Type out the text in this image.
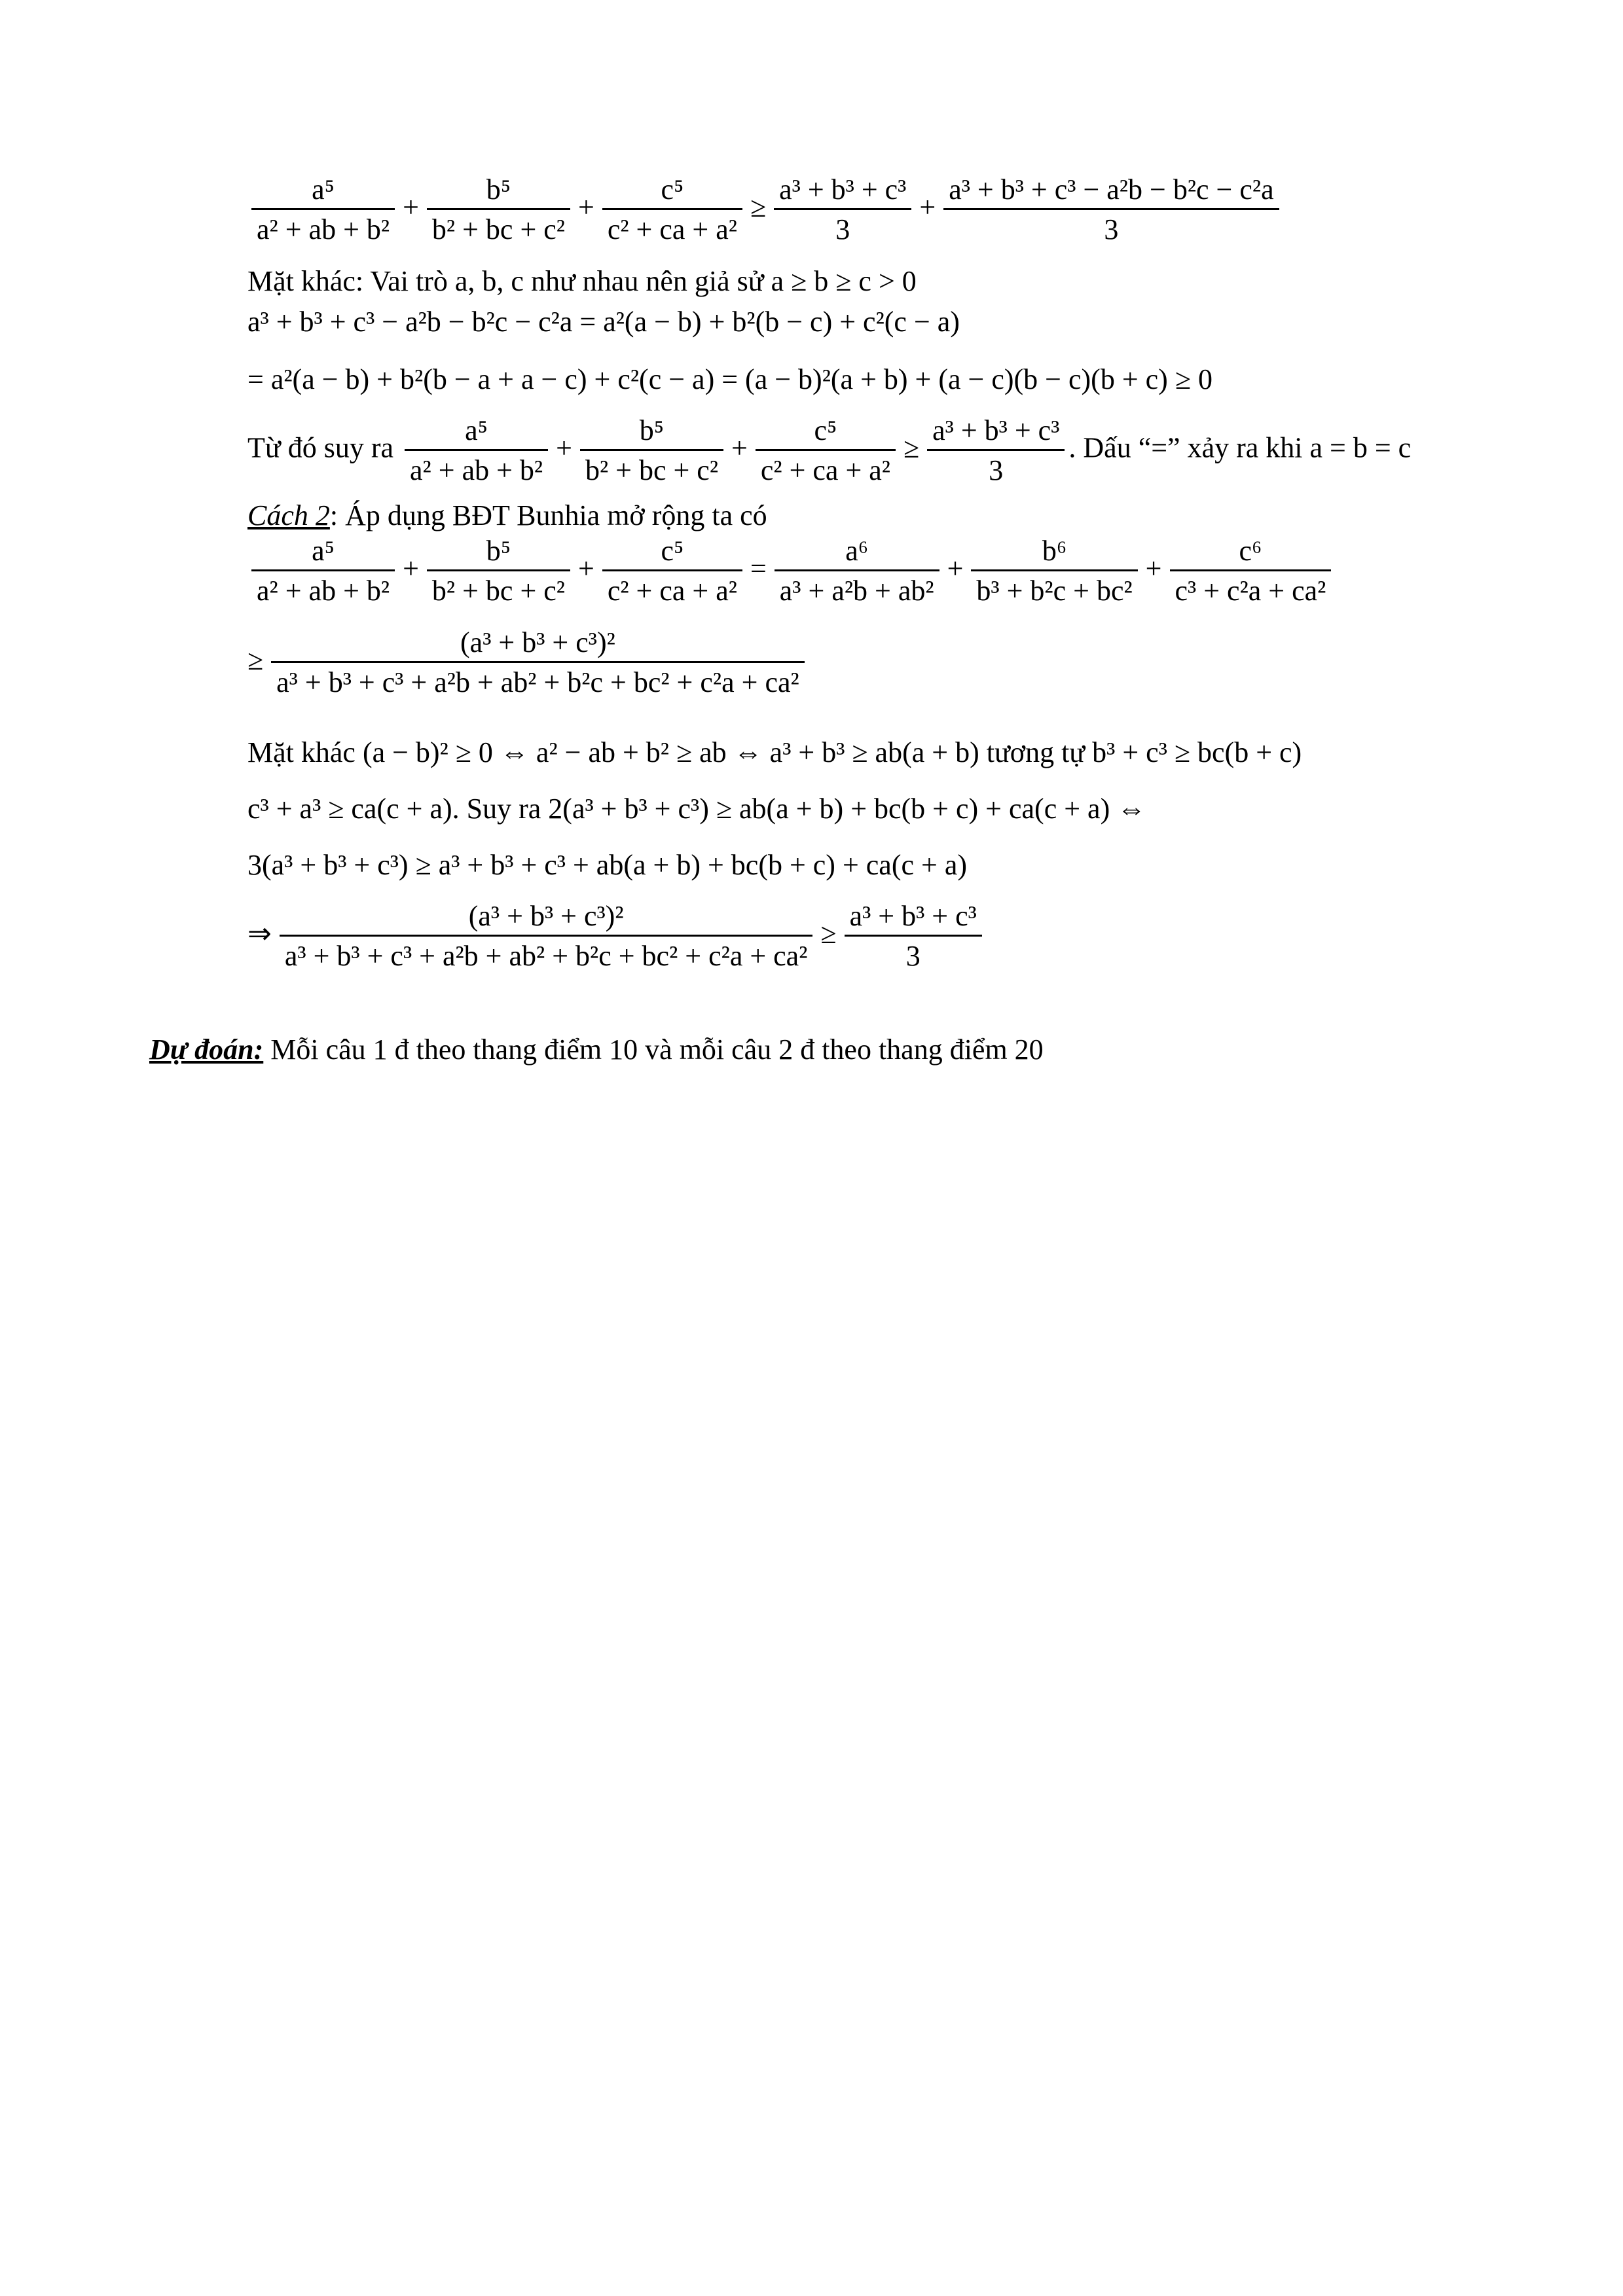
$\frac{\text{a⁵}}{\text{a² + ab + b²}} + \frac{\text{b⁵}}{\text{b² + bc + c²}} + \frac{\text{c⁵}}{\text{c² + ca + a²}} \ge \frac{\text{a³ + b³ + c³}}{3} + \frac{\text{a³ + b³ + c³ − a²b − b²c − c²a}}{3}$
Mặt khác: Vai trò a, b, c như nhau nên giả sử a ≥ b ≥ c > 0
a³ + b³ + c³ − a²b − b²c − c²a = a²(a − b) + b²(b − c) + c²(c − a)
= a²(a − b) + b²(b − a + a − c) + c²(c − a) = (a − b)²(a + b) + (a − c)(b − c)(b + c) ≥ 0
Từ đó suy ra $\frac{\text{a⁵}}{\text{a² + ab + b²}} + \frac{\text{b⁵}}{\text{b² + bc + c²}} + \frac{\text{c⁵}}{\text{c² + ca + a²}} \ge \frac{\text{a³ + b³ + c³}}{3}$ . Dấu “=” xảy ra khi a = b = c
Cách 2: Áp dụng BĐT Bunhia mở rộng ta có
$\frac{\text{a⁵}}{\text{a² + ab + b²}} + \frac{\text{b⁵}}{\text{b² + bc + c²}} + \frac{\text{c⁵}}{\text{c² + ca + a²}} = \frac{\text{a⁶}}{\text{a³ + a²b + ab²}} + \frac{\text{b⁶}}{\text{b³ + b²c + bc²}} + \frac{\text{c⁶}}{\text{c³ + c²a + ca²}}$
≥ $\frac{\text{(a³ + b³ + c³)²}}{\text{a³ + b³ + c³ + a²b + ab² + b²c + bc² + c²a + ca²}}$
Mặt khác (a − b)² ≥ 0 ⇔ a² − ab + b² ≥ ab ⇔ a³ + b³ ≥ ab(a + b) tương tự b³ + c³ ≥ bc(b + c)
c³ + a³ ≥ ca(c + a). Suy ra 2(a³ + b³ + c³) ≥ ab(a + b) + bc(b + c) + ca(c + a) ⇔
3(a³ + b³ + c³) ≥ a³ + b³ + c³ + ab(a + b) + bc(b + c) + ca(c + a)
⇒ $\frac{\text{(a³ + b³ + c³)²}}{\text{a³ + b³ + c³ + a²b + ab² + b²c + bc² + c²a + ca²}} \ge \frac{\text{a³ + b³ + c³}}{3}$
Dự đoán: Mỗi câu 1 đ theo thang điểm 10 và mỗi câu 2 đ theo thang điểm 20
